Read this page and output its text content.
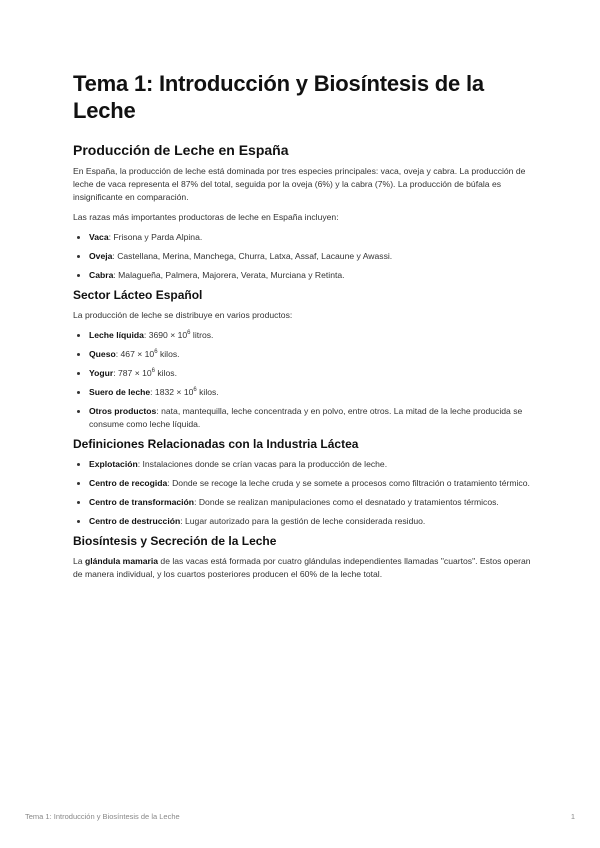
Tema 1: Introducción y Biosíntesis de la Leche
Producción de Leche en España

En España, la producción de leche está dominada por tres especies principales: vaca, oveja y cabra. La producción de leche de vaca representa el 87% del total, seguida por la oveja (6%) y la cabra (7%). La producción de búfala es insignificante en comparación.

Las razas más importantes productoras de leche en España incluyen:

• Vaca: Frisona y Parda Alpina.
• Oveja: Castellana, Merina, Manchega, Churra, Latxa, Assaf, Lacaune y Awassi.
• Cabra: Malagueña, Palmera, Majorera, Verata, Murciana y Retinta.
Sector Lácteo Español

La producción de leche se distribuye en varios productos:

• Leche líquida: $3690 \times 10^6$ litros.
• Queso: $467 \times 10^6$ kilos.
• Yogur: $787 \times 10^6$ kilos.
• Suero de leche: $1832 \times 10^6$ kilos.
• Otros productos: nata, mantequilla, leche concentrada y en polvo, entre otros. La mitad de la leche producida se consume como leche líquida.
Definiciones Relacionadas con la Industria Láctea
• Explotación: Instalaciones donde se crían vacas para la producción de leche.
• Centro de recogida: Donde se recoge la leche cruda y se somete a procesos como filtración o tratamiento térmico.
• Centro de transformación: Donde se realizan manipulaciones como el desnatado y tratamientos térmicos.
• Centro de destrucción: Lugar autorizado para la gestión de leche considerada residuo.
Biosíntesis y Secreción de la Leche

La glándula mamaria de las vacas está formada por cuatro glándulas independientes llamadas "cuartos". Estos operan de manera individual, y los cuartos posteriores producen el 60% de la leche total.

Tema 1: Introducción y Biosíntesis de la Leche	1
